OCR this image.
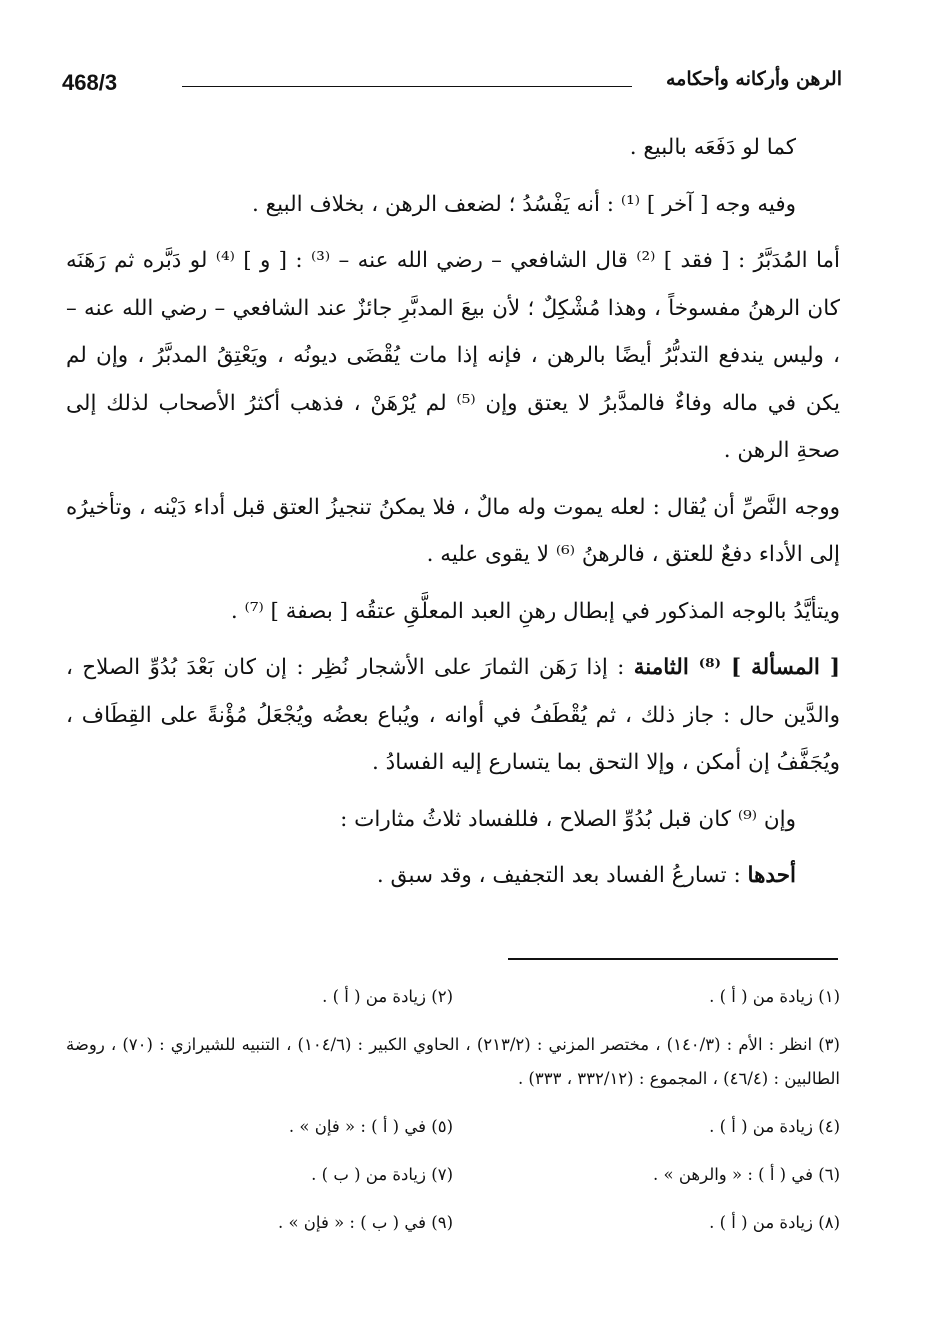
468/3	الرهن وأركانه وأحكامه

كما لو دَفَعَه بالبيع .

وفيه وجه [ آخر ] ⁽¹⁾ : أنه يَفْسُدُ ؛ لضعف الرهن ، بخلاف البيع .

أما المُدَبَّرُ : [ فقد ] ⁽²⁾ قال الشافعي – رضي الله عنه – ⁽³⁾ : [ و ] ⁽⁴⁾ لو دَبَّره ثم رَهَنَه كان الرهنُ مفسوخاً ، وهذا مُشْكِلٌ ؛ لأن بيعَ المدبَّرِ جائزٌ عند الشافعي – رضي الله عنه – ، وليس يندفع التدبُّرُ أيضًا بالرهن ، فإنه إذا مات يُقْضَى ديونُه ، ويَعْتِقُ المدبَّرُ ، وإن لم يكن في ماله وفاءٌ فالمدَّبرُ لا يعتق وإن ⁽⁵⁾ لم يُرْهَنْ ، فذهب أكثرُ الأصحاب لذلك إلى صحةِ الرهن .

ووجه النَّصِّ أن يُقال : لعله يموت وله مالٌ ، فلا يمكنُ تنجيزُ العتق قبل أداء دَيْنه ، وتأخيرُه إلى الأداء دفعٌ للعتق ، فالرهنُ ⁽⁶⁾ لا يقوى عليه .

ويتأيَّدُ بالوجه المذكور في إبطال رهنِ العبد المعلَّقِ عتقُه [ بصفة ] ⁽⁷⁾ .

[ المسألة ] ⁽⁸⁾ الثامنة : إذا رَهَن الثمارَ على الأشجار نُظِر : إن كان بَعْدَ بُدُوِّ الصلاح ، والدَّين حال : جاز ذلك ، ثم يُقْطَفُ في أوانه ، ويُباع بعضُه ويُجْعَلُ مُؤْنةً على القِطَاف ، ويُجَفَّفُ إن أمكن ، وإلا التحق بما يتسارع إليه الفسادُ .

وإن ⁽⁹⁾ كان قبل بُدُوِّ الصلاح ، فللفساد ثلاثُ مثارات :

أحدها : تسارعُ الفساد بعد التجفيف ، وقد سبق .

(١) زيادة من ( أ ) .
(٢) زيادة من ( أ ) .
(٣) انظر : الأم : (١٤٠/٣) ، مختصر المزني : (٢١٣/٢) ، الحاوي الكبير : (١٠٤/٦) ، التنبيه للشيرازي : (٧٠) ، روضة الطالبين : (٤٦/٤) ، المجموع : (٣٣٢/١٢ ، ٣٣٣) .
(٤) زيادة من ( أ ) .
(٥) في ( أ ) : « فإن » .
(٦) في ( أ ) : « والرهن » .
(٧) زيادة من ( ب ) .
(٨) زيادة من ( أ ) .
(٩) في ( ب ) : « فإن » .
